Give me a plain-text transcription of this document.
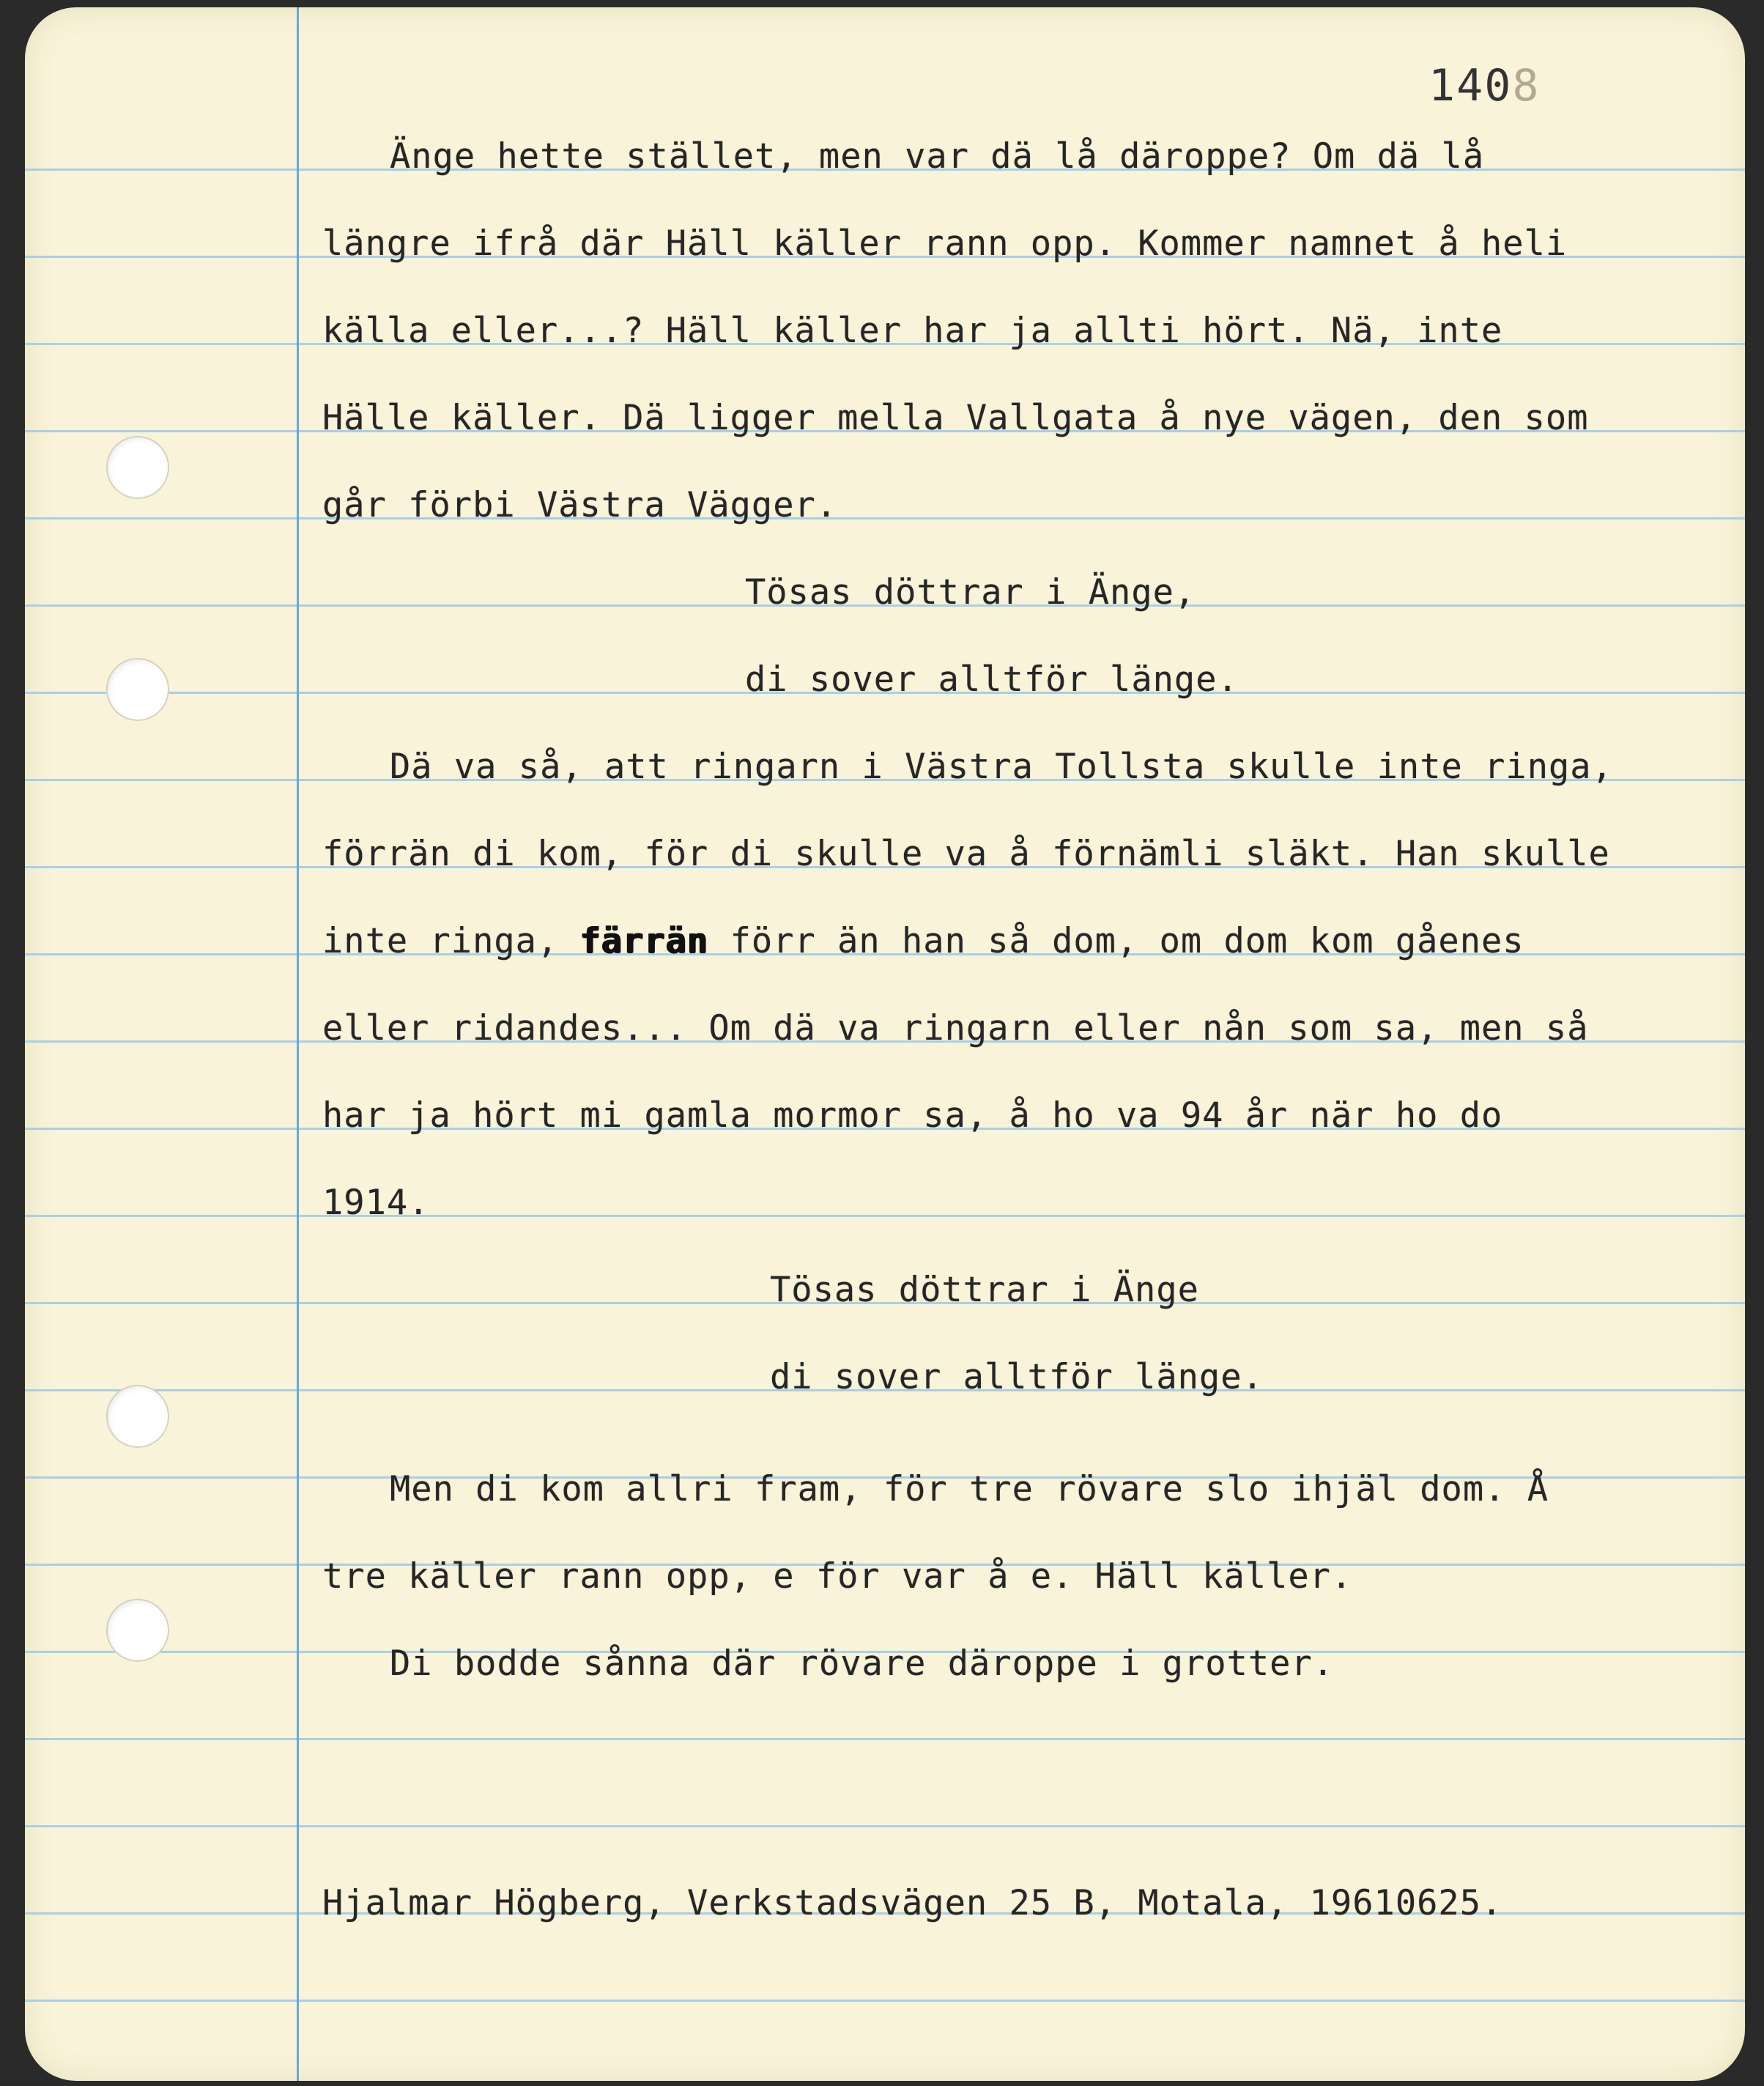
1408
Änge hette stället, men var dä lå däroppe? Om dä lå
längre ifrå där Häll käller rann opp. Kommer namnet å heli
källa eller...? Häll käller har ja allti hört. Nä, inte
Hälle käller. Dä ligger mella Vallgata å nye vägen, den som
går förbi Västra Vägger.
Tösas döttrar i Änge,
di sover alltför länge.
Dä va så, att ringarn i Västra Tollsta skulle inte ringa,
förrän di kom, för di skulle va å förnämli släkt. Han skulle
inte ringa, färrän förr än han så dom, om dom kom gåenes
eller ridandes... Om dä va ringarn eller nån som sa, men så
har ja hört mi gamla mormor sa, å ho va 94 år när ho do
1914.
Tösas döttrar i Änge
di sover alltför länge.
Men di kom allri fram, för tre rövare slo ihjäl dom. Å
tre käller rann opp, e för var å e. Häll käller.
Di bodde sånna där rövare däroppe i grotter.
Hjalmar Högberg, Verkstadsvägen 25 B, Motala, 19610625.
